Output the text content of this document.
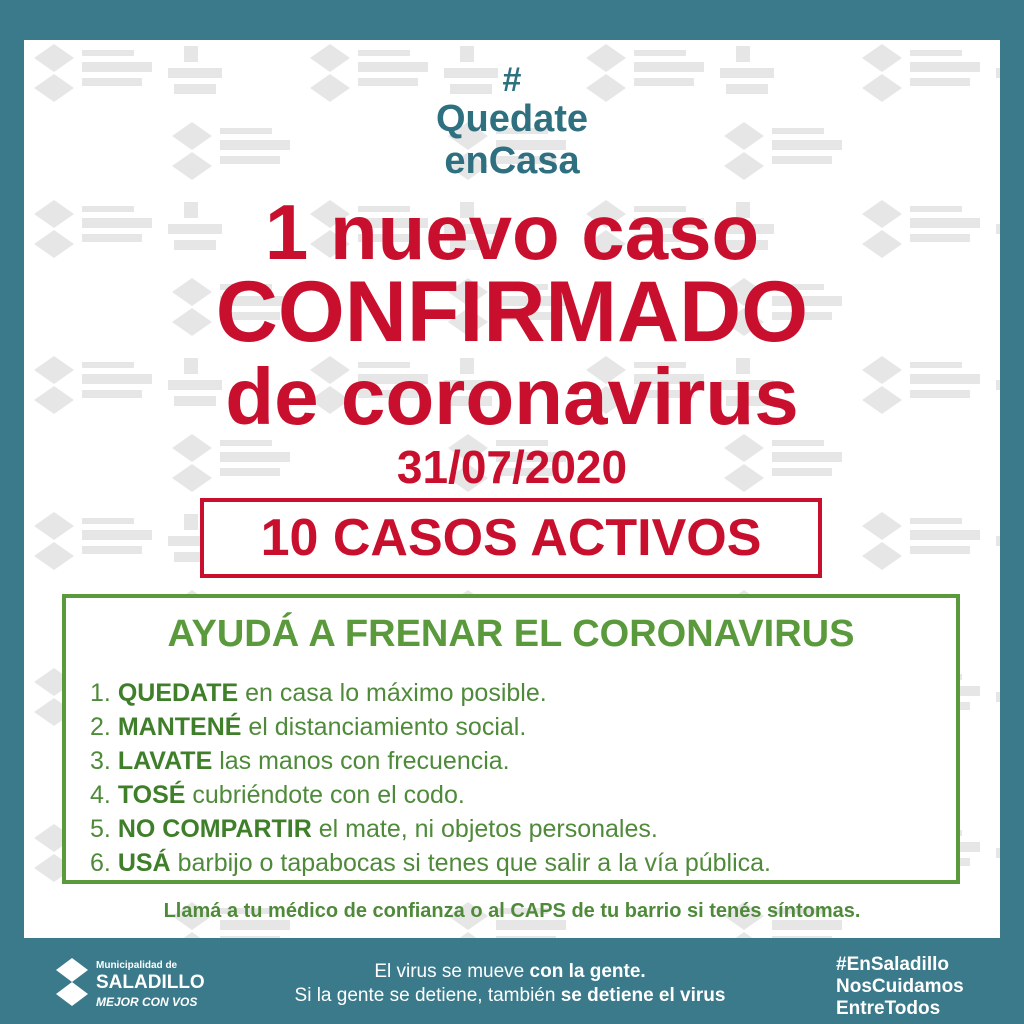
#
Quedate
enCasa
1 nuevo caso
CONFIRMADO
de coronavirus
31/07/2020
10 CASOS ACTIVOS
AYUDÁ A FRENAR EL CORONAVIRUS
1. QUEDATE en casa lo máximo posible.
2. MANTENÉ el distanciamiento social.
3. LAVATE las manos con frecuencia.
4. TOSÉ cubriéndote con el codo.
5. NO COMPARTIR el mate, ni objetos personales.
6. USÁ barbijo o tapabocas si tenes que salir a la vía pública.
Llamá a tu médico de confianza o al CAPS de tu barrio si tenés síntomas.
Municipalidad de
SALADILLO
MEJOR CON VOS
El virus se mueve con la gente.
Si la gente se detiene, también se detiene el virus
#EnSaladillo
NosCuidamos
EntreTodos
